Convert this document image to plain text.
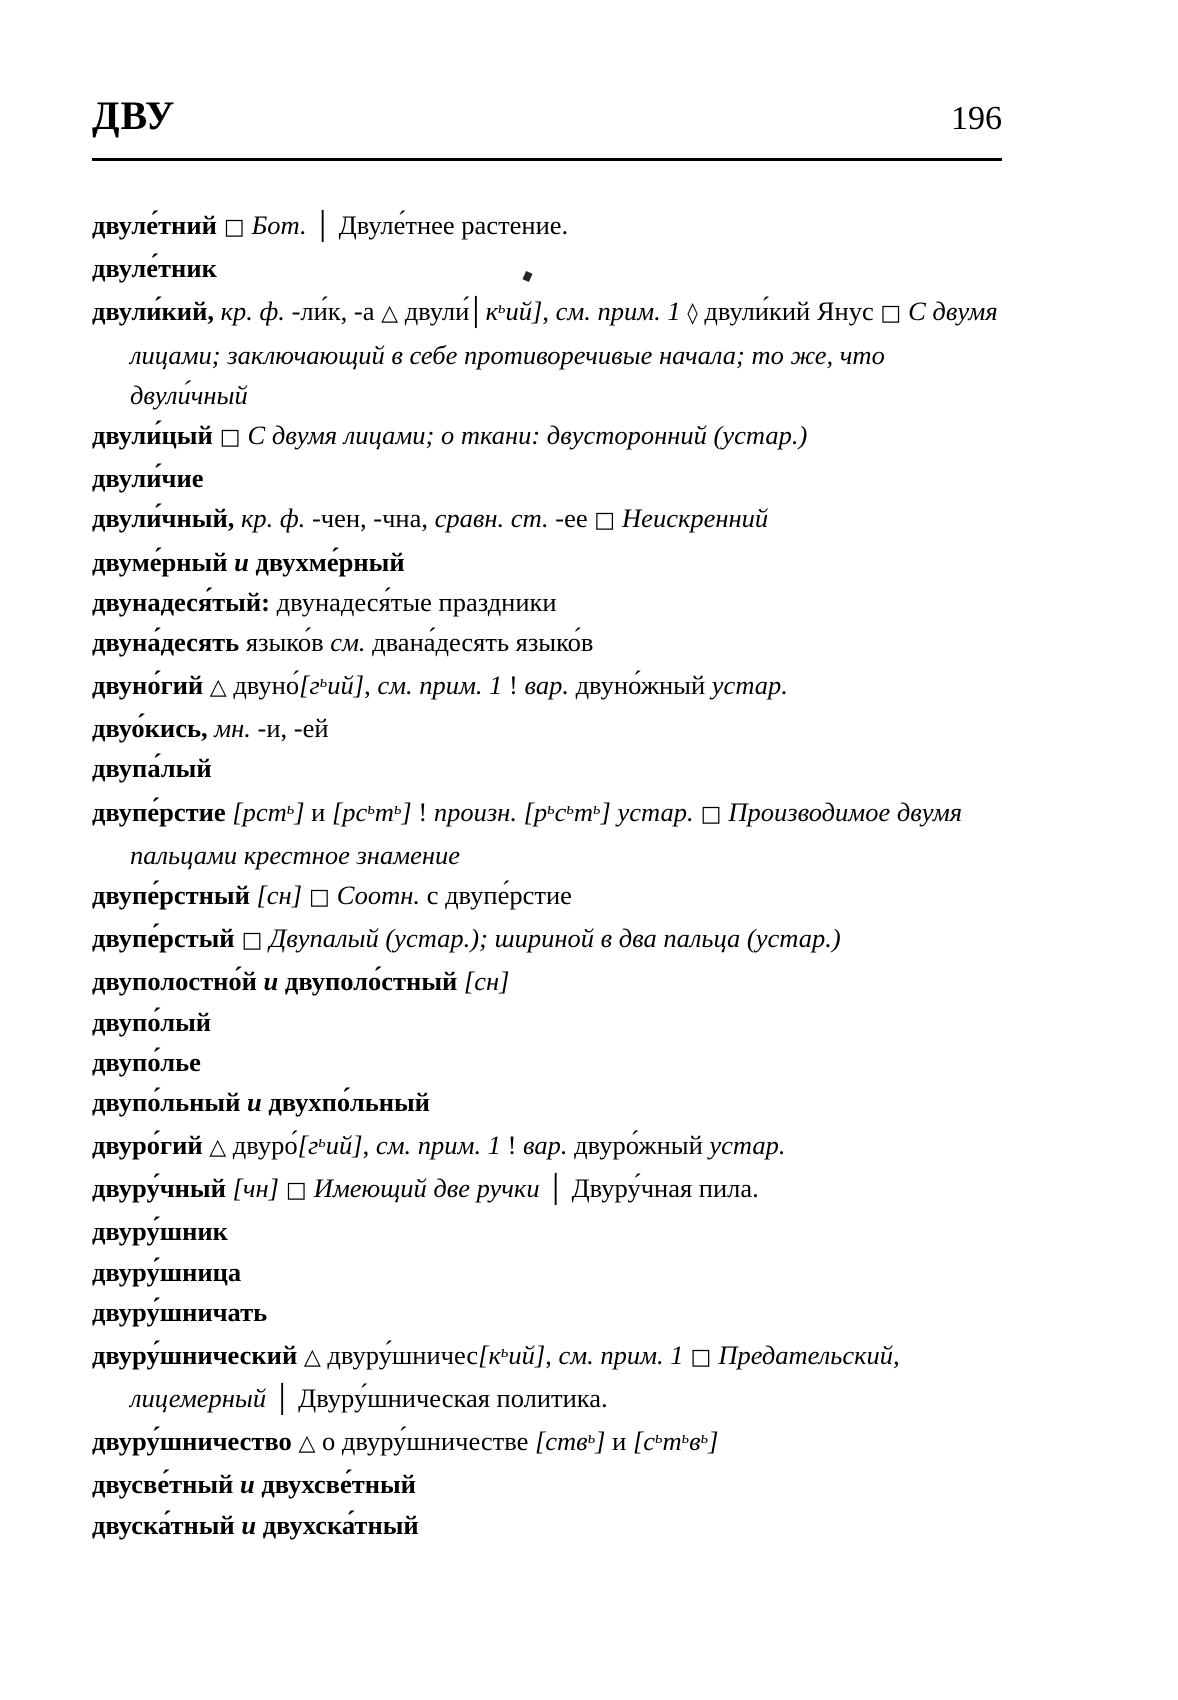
ДВУ	196
двуле́тний □ Бот. │ Двуле́тнее растение.
двуле́тник
двули́кий, кр. ф. -ли́к, -а △ $двули́│к^ьий$], см. прим. 1 ◊ двули́кий Янус □ С двумя лицами; заключающий в себе противоречивые начала; то же, что двули́чный
двули́цый □ С двумя лицами; о ткани: двусторонний (устар.)
двули́чие
двули́чный, кр. ф. -чен, -чна, сравн. ст. -ее □ Неискренний
двуме́рный и двухме́рный
двунадеся́тый: двунадеся́тые праздники
двуна́десять языко́в см. двана́десять языко́в
двуно́гий △ $двуно́[г^ьий]$, см. прим. 1 ! вар. двуно́жный устар.
двуо́кись, мн. -и, -ей
двупа́лый
двупе́рстие [рст$^ь$] и $[рс^ьт^ь]$ ! произн. $[р^ьс^ьт^ь]$ устар. □ Производимое двумя пальцами крестное знамение
двупе́рстный [сн] □ Соотн. с двупе́рстие
двупе́рстый □ Двупалый (устар.); шириной в два пальца (устар.)
двуполостно́й и двуполо́стный [сн]
двупо́лый
двупо́лье
двупо́льный и двухпо́льный
двуро́гий △ $двуро́[г^ьий]$, см. прим. 1 ! вар. двуро́жный устар.
двуру́чный [чн] □ Имеющий две ручки │ Двуру́чная пила.
двуру́шник
двуру́шница
двуру́шничать
двуру́шнический △ $двуру́шничес[к^ьий]$, см. прим. 1 □ Предательский, лицемерный │ Двуру́шническая политика.
двуру́шничество △ о двуру́шничестве [ств$^ь$] и $[с^ьт^ьв^ь]$
двусве́тный и двухсве́тный
двуска́тный и двухска́тный
